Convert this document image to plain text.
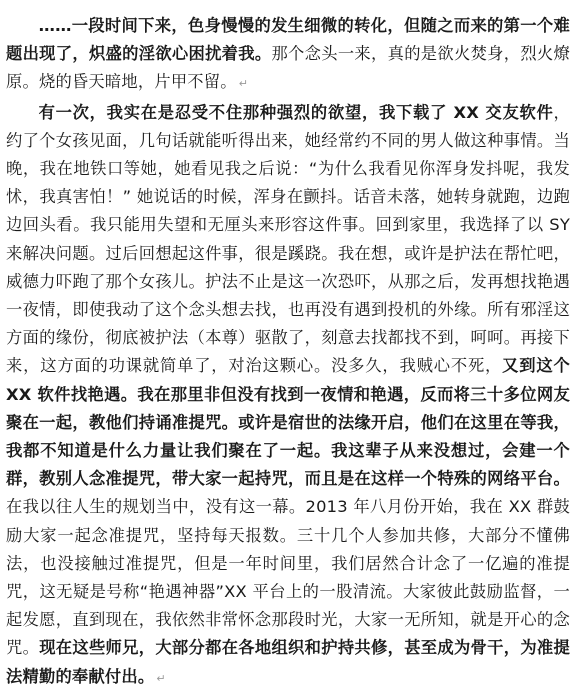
……一段时间下来，色身慢慢的发生细微的转化，但随之而来的第一个难题出现了，炽盛的淫欲心困扰着我。那个念头一来，真的是欲火焚身，烈火燎原。烧的昏天暗地，片甲不留。 ↵

有一次，我实在是忍受不住那种强烈的欲望，我下载了 XX 交友软件，约了个女孩见面，几句话就能听得出来，她经常约不同的男人做这种事情。当晚，我在地铁口等她，她看见我之后说：“为什么我看见你浑身发抖呢，我发怵，我真害怕！” 她说话的时候，浑身在颤抖。话音未落，她转身就跑，边跑边回头看。我只能用失望和无厘头来形容这件事。回到家里，我选择了以 SY 来解决问题。过后回想起这件事，很是蹊跷。我在想，或许是护法在帮忙吧，威德力吓跑了那个女孩儿。护法不止是这一次恐吓，从那之后，发再想找艳遇一夜情，即使我动了这个念头想去找，也再没有遇到投机的外缘。所有邪淫这方面的缘份，彻底被护法（本尊）驱散了，刻意去找都找不到，呵呵。再接下来，这方面的功课就简单了，对治这颗心。没多久，我贼心不死，又到这个 XX 软件找艳遇。我在那里非但没有找到一夜情和艳遇，反而将三十多位网友聚在一起，教他们持诵准提咒。或许是宿世的法缘开启，他们在这里在等我，我都不知道是什么力量让我们聚在了一起。我这辈子从来没想过，会建一个群，教别人念准提咒，带大家一起持咒，而且是在这样一个特殊的网络平台。在我以往人生的规划当中，没有这一幕。2013 年八月份开始，我在 XX 群鼓励大家一起念准提咒，坚持每天报数。三十几个人参加共修，大部分不懂佛法，也没接触过准提咒，但是一年时间里，我们居然合计念了一亿遍的准提咒，这无疑是号称“艳遇神器”XX 平台上的一股清流。大家彼此鼓励监督，一起发愿，直到现在，我依然非常怀念那段时光，大家一无所知，就是开心的念咒。现在这些师兄，大部分都在各地组织和护持共修，甚至成为骨干，为准提法精勤的奉献付出。 ↵
